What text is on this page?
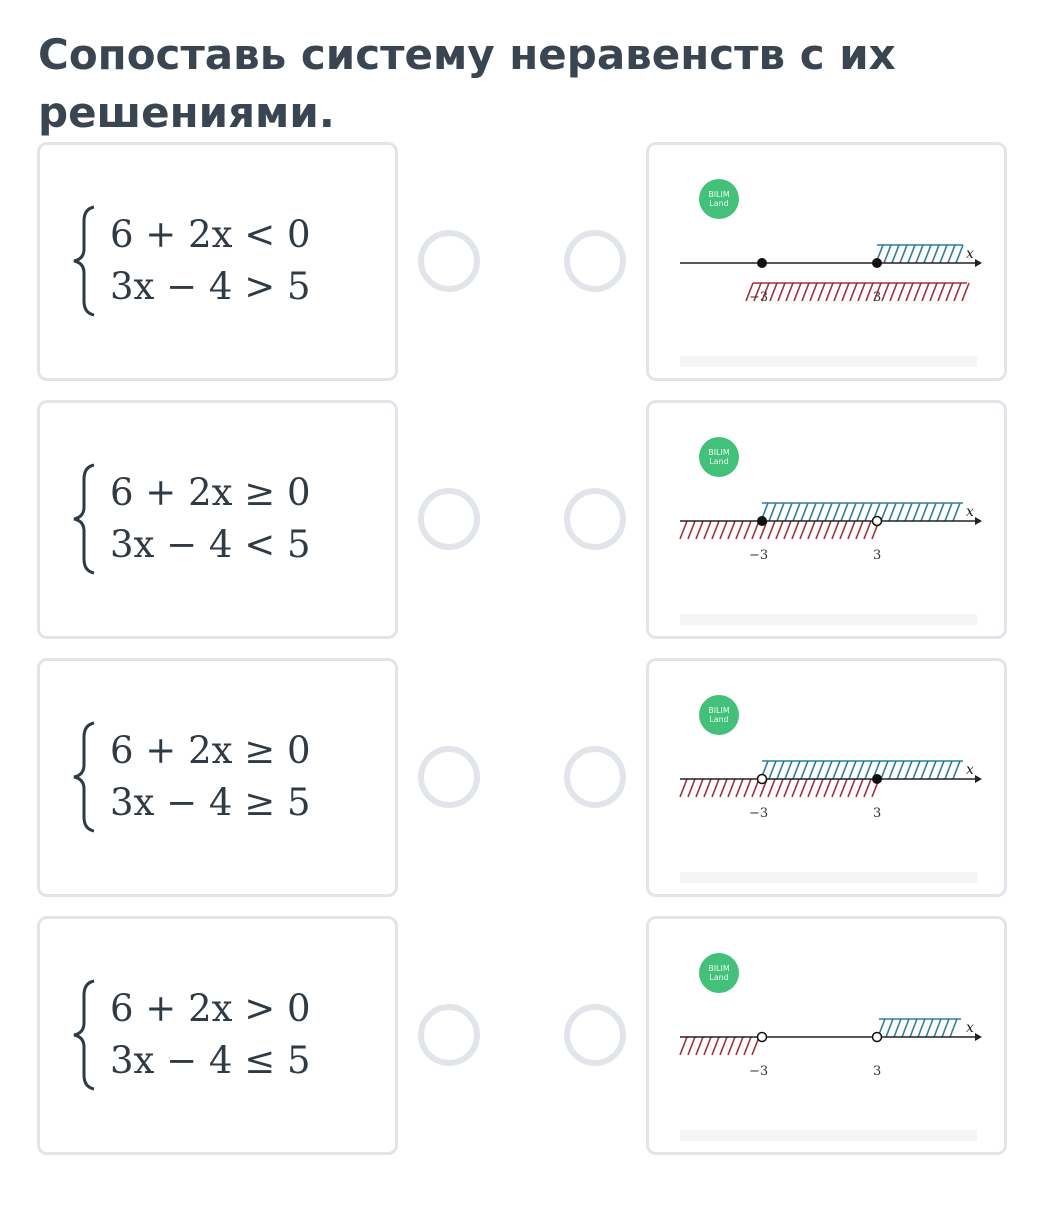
Сопоставь систему неравенств с их решениями.
6 + 2x < 0
3x − 4 > 5
BILIM
Land
x
−3	3
6 + 2x ≥ 0
3x − 4 < 5
BILIM
Land
x
−3	3
6 + 2x ≥ 0
3x − 4 ≥ 5
BILIM
Land
x
−3	3
6 + 2x > 0
3x − 4 ≤ 5
BILIM
Land
x
−3	3
